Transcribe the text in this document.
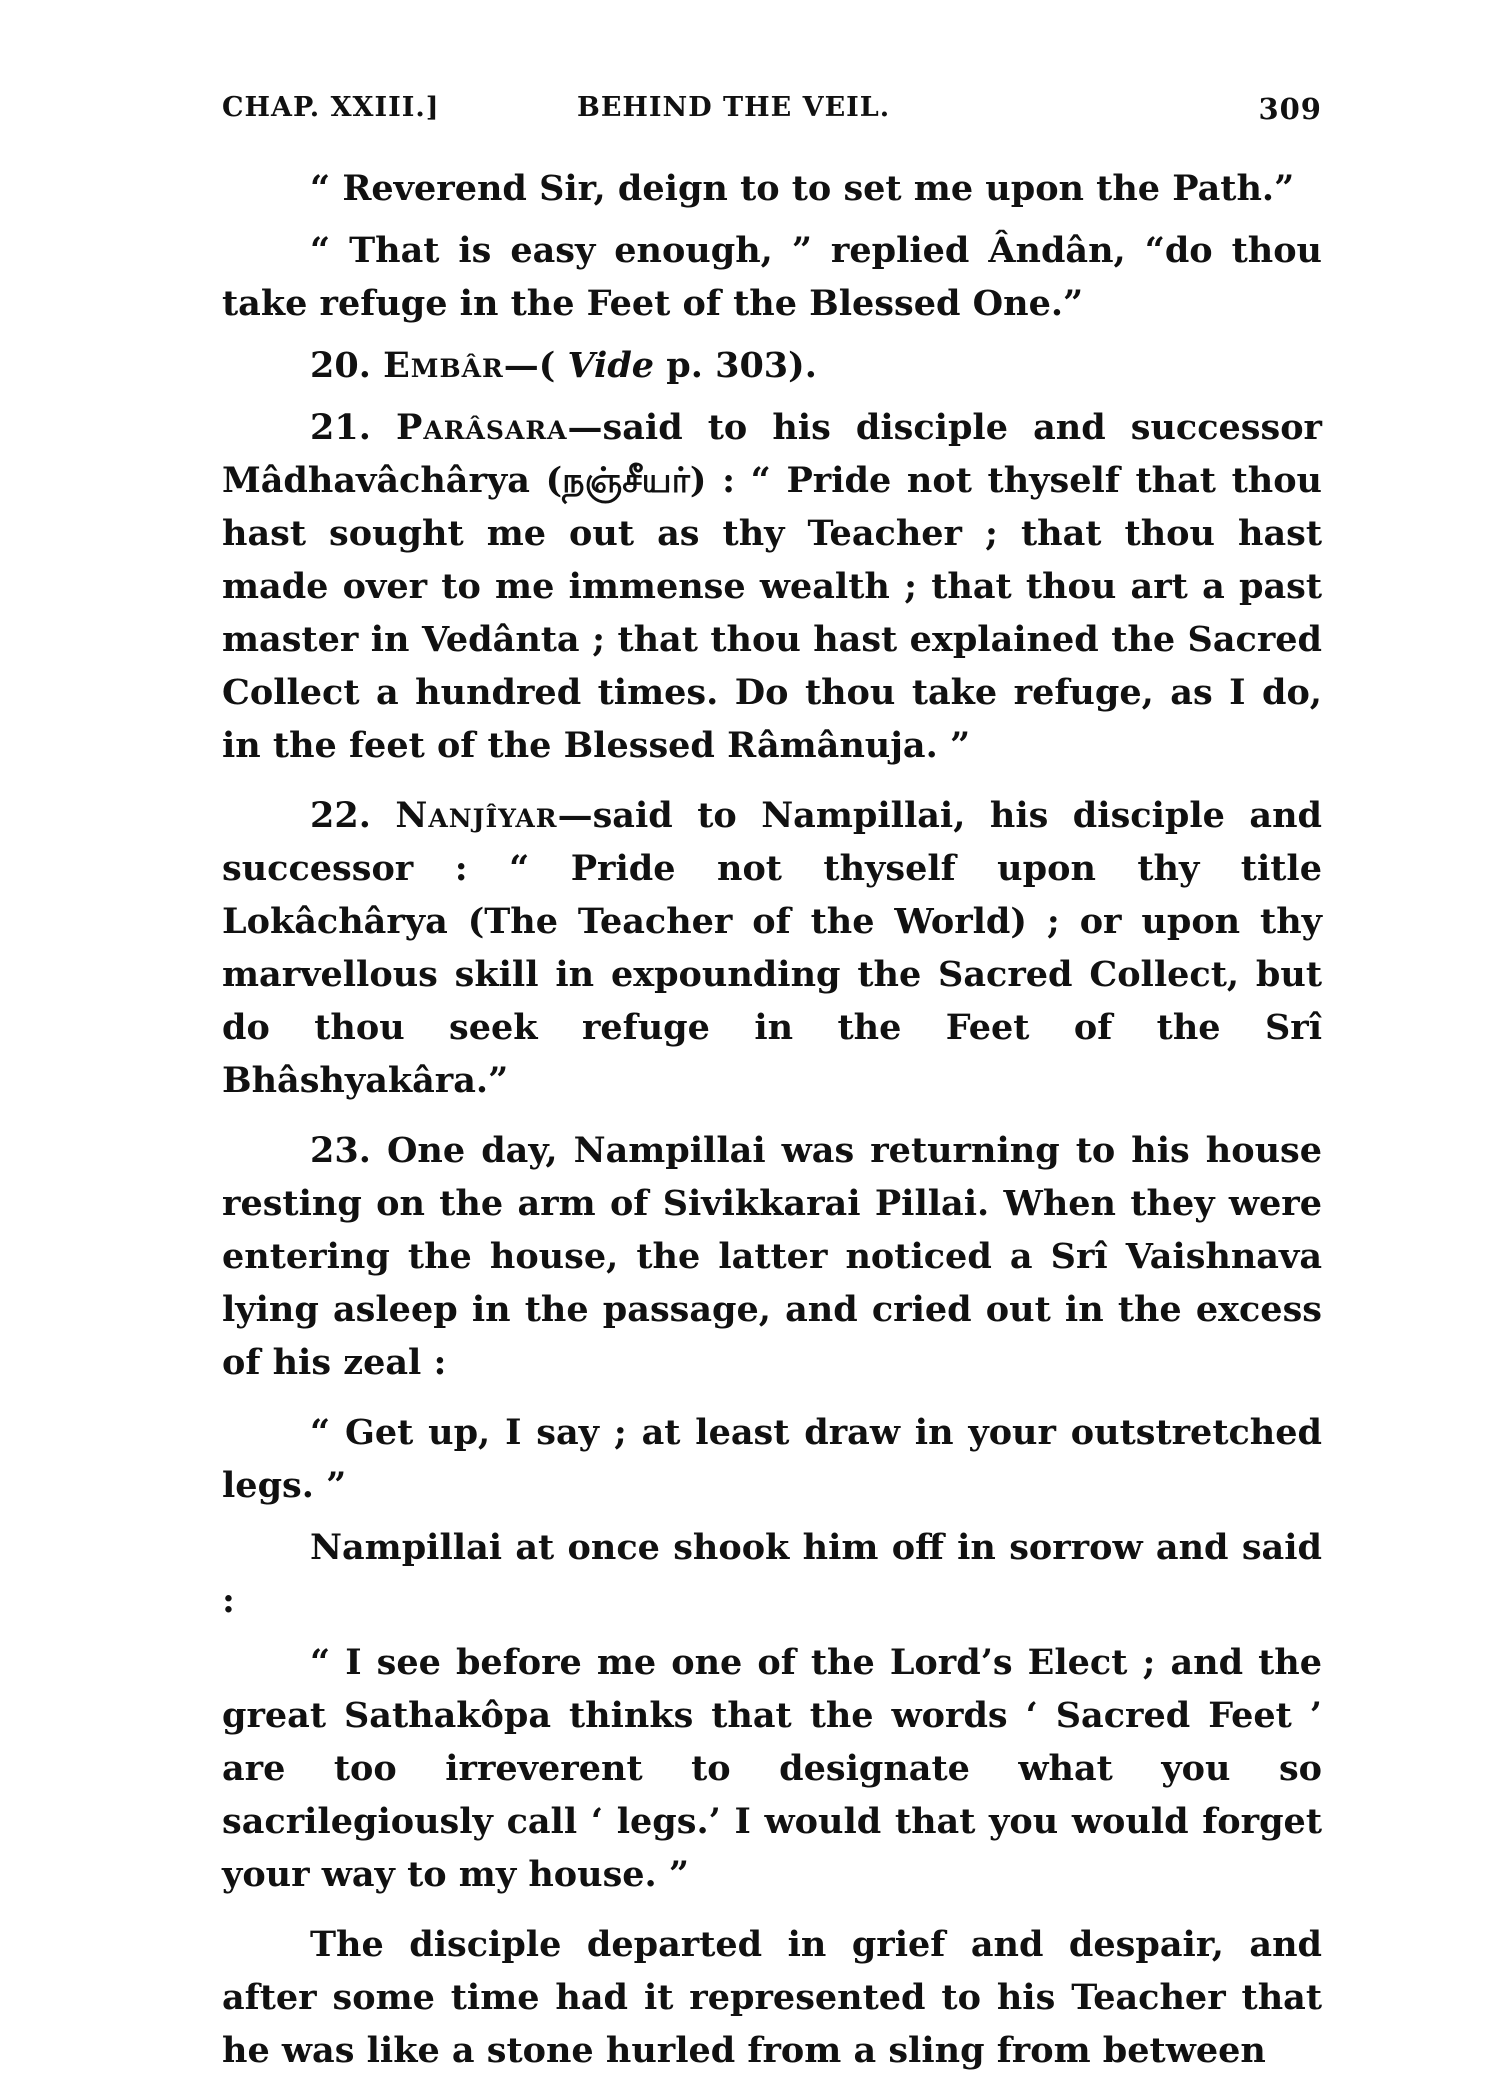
CHAP. XXIII.]	BEHIND THE VEIL.	309

“ Reverend Sir, deign to to set me upon the Path.”

“ That is easy enough, ” replied Ândân, “do thou take refuge in the Feet of the Blessed One.”

20. Embâr—( Vide p. 303).

21. Parâsara—said to his disciple and successor Mâdhavâchârya (நஞ்சீயர்) : “ Pride not thyself that thou hast sought me out as thy Teacher ; that thou hast made over to me immense wealth ; that thou art a past master in Vedânta ; that thou hast explained the Sacred Collect a hundred times. Do thou take refuge, as I do, in the feet of the Blessed Râmânuja. ”

22. Nanjîyar—said to Nampillai, his disciple and successor : “ Pride not thyself upon thy title Lokâchârya (The Teacher of the World) ; or upon thy marvellous skill in expounding the Sacred Collect, but do thou seek refuge in the Feet of the Srî Bhâshyakâra.”

23. One day, Nampillai was returning to his house resting on the arm of Sivikkarai Pillai. When they were entering the house, the latter noticed a Srî Vaishnava lying asleep in the passage, and cried out in the excess of his zeal :

“ Get up, I say ; at least draw in your outstretched legs. ”

Nampillai at once shook him off in sorrow and said :

“ I see before me one of the Lord’s Elect ; and the great Sathakôpa thinks that the words ‘ Sacred Feet ’ are too irreverent to designate what you so sacrilegiously call ‘ legs.’ I would that you would forget your way to my house. ”

The disciple departed in grief and despair, and after some time had it represented to his Teacher that he was like a stone hurled from a sling from between
